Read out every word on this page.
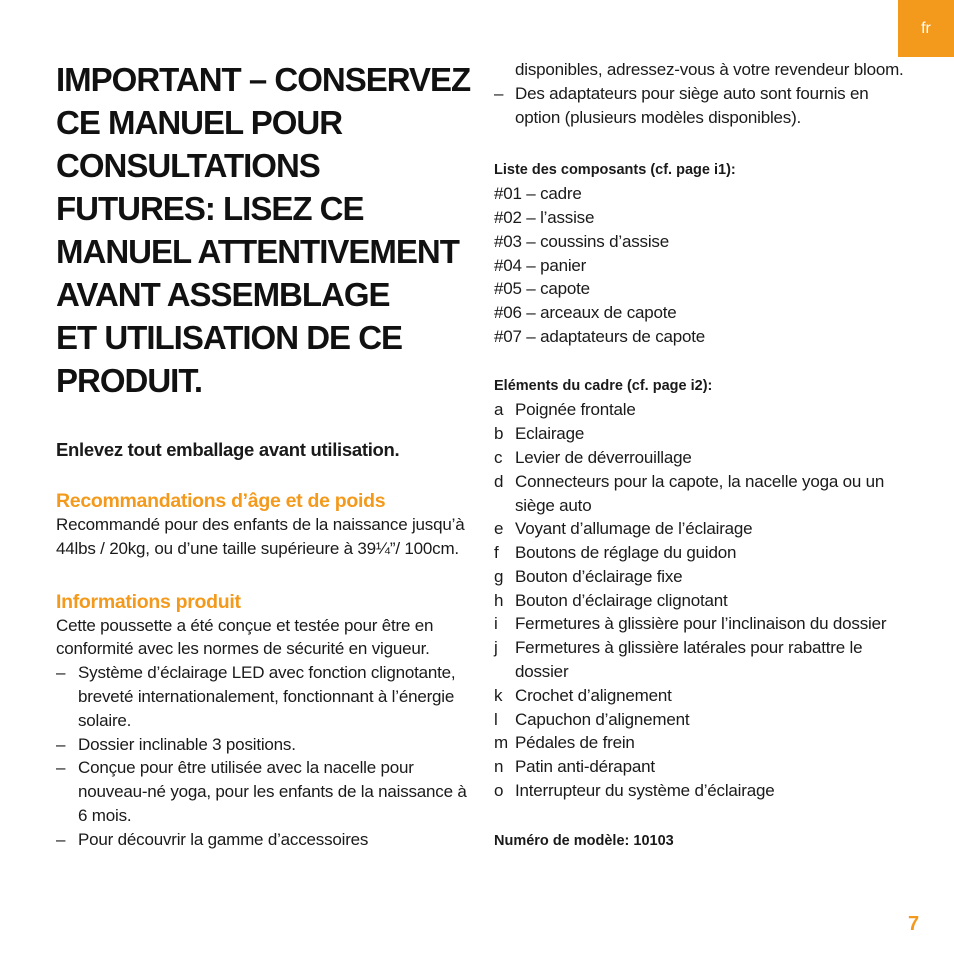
fr
IMPORTANT – CONSERVEZ
CE MANUEL POUR
CONSULTATIONS
FUTURES: LISEZ CE
MANUEL ATTENTIVEMENT
AVANT ASSEMBLAGE
ET UTILISATION DE CE
PRODUIT.

Enlevez tout emballage avant utilisation.

Recommandations d’âge et de poids

Recommandé pour des enfants de la naissance jusqu’à 44lbs / 20kg, ou d’une taille supérieure à 39¼”/ 100cm.

Informations produit

Cette poussette a été conçue et testée pour être en conformité avec les normes de sécurité en vigueur.

– Système d’éclairage LED avec fonction clignotante, breveté internationalement, fonctionnant à l’énergie solaire.
– Dossier inclinable 3 positions.
– Conçue pour être utilisée avec la nacelle pour nouveau-né yoga, pour les enfants de la naissance à 6 mois.
– Pour découvrir la gamme d’accessoires

disponibles, adressez-vous à votre revendeur bloom.

– Des adaptateurs pour siège auto sont fournis en option (plusieurs modèles disponibles).

Liste des composants (cf. page i1):

#01 – cadre
#02 – l’assise
#03 – coussins d’assise
#04 – panier
#05 – capote
#06 – arceaux de capote
#07 – adaptateurs de capote

Eléments du cadre (cf. page i2):

a Poignée frontale
b Eclairage
c Levier de déverrouillage
d Connecteurs pour la capote, la nacelle yoga ou un siège auto
e Voyant d’allumage de l’éclairage
f Boutons de réglage du guidon
g Bouton d’éclairage fixe
h Bouton d’éclairage clignotant
i Fermetures à glissière pour l’inclinaison du dossier
j Fermetures à glissière latérales pour rabattre le dossier
k Crochet d’alignement
l Capuchon d’alignement
m Pédales de frein
n Patin anti-dérapant
o Interrupteur du système d’éclairage

Numéro de modèle: 10103

7
